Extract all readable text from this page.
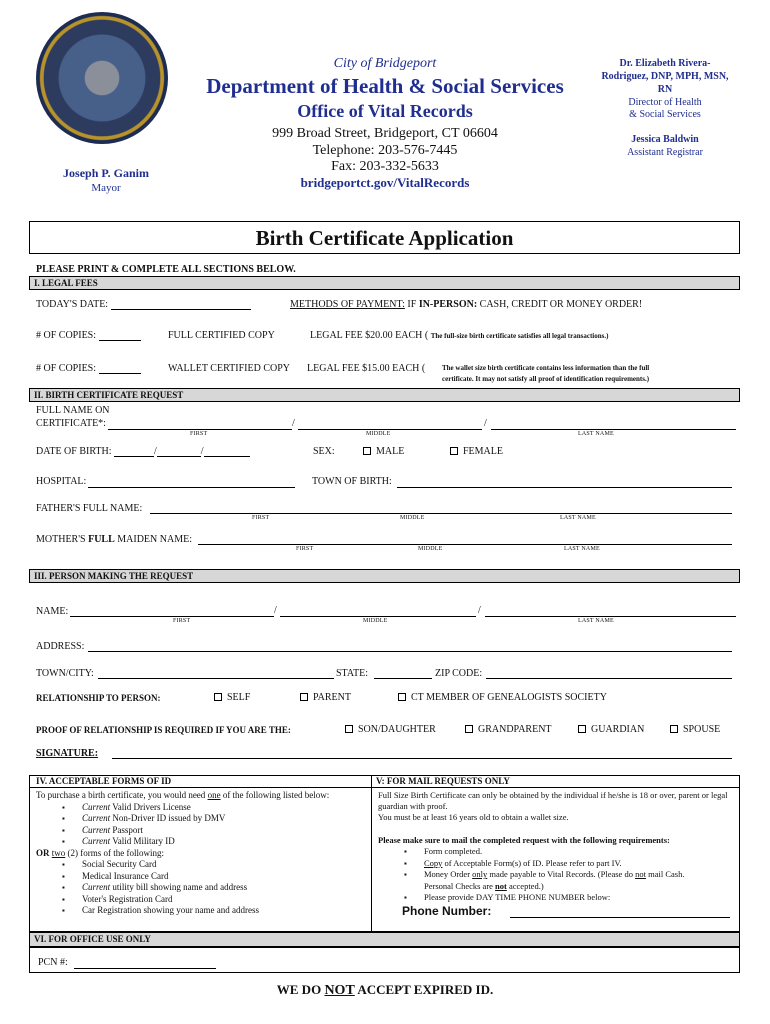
Joseph P. Ganim
Mayor
City of Bridgeport
Department of Health & Social Services
Office of Vital Records
999 Broad Street, Bridgeport, CT 06604
Telephone: 203-576-7445
Fax: 203-332-5633
bridgeportct.gov/VitalRecords
Dr. Elizabeth Rivera-
Rodriguez, DNP, MPH, MSN,
RN
Director of Health
& Social Services
Jessica Baldwin
Assistant Registrar
Birth Certificate Application
PLEASE PRINT & COMPLETE ALL SECTIONS BELOW.
I. LEGAL FEES
TODAY'S DATE:	METHODS OF PAYMENT: IF IN-PERSON: CASH, CREDIT OR MONEY ORDER!
# OF COPIES:	FULL CERTIFIED COPY	LEGAL FEE $20.00 EACH ( The full-size birth certificate satisfies all legal transactions.)
# OF COPIES:	WALLET CERTIFIED COPY LEGAL FEE $15.00 EACH ( The wallet size birth certificate contains less information than the full
certificate. It may not satisfy all proof of identification requirements.)
II. BIRTH CERTIFICATE REQUEST
FULL NAME ON
CERTIFICATE*:	/	/
FIRST	MIDDLE	LAST NAME
DATE OF BIRTH:	/	/	SEX:	MALE	FEMALE
HOSPITAL:	TOWN OF BIRTH:
FATHER'S FULL NAME:
FIRST	MIDDLE	LAST NAME
MOTHER'S FULL MAIDEN NAME:
FIRST	MIDDLE	LAST NAME
III. PERSON MAKING THE REQUEST
NAME:	/	/
FIRST	MIDDLE	LAST NAME
ADDRESS:
TOWN/CITY:	STATE:	ZIP CODE:
RELATIONSHIP TO PERSON:	SELF	PARENT	CT MEMBER OF GENEALOGISTS SOCIETY
PROOF OF RELATIONSHIP IS REQUIRED IF YOU ARE THE:	SON/DAUGHTER	GRANDPARENT	GUARDIAN	SPOUSE
SIGNATURE:
IV. ACCEPTABLE FORMS OF ID	V: FOR MAIL REQUESTS ONLY
To purchase a birth certificate, you would need one of the following listed below:
▪ Current Valid Drivers License
▪ Current Non-Driver ID issued by DMV
▪ Current Passport
▪ Current Valid Military ID
OR two (2) forms of the following:
▪ Social Security Card
▪ Medical Insurance Card
▪ Current utility bill showing name and address
▪ Voter's Registration Card
▪ Car Registration showing your name and address
Full Size Birth Certificate can only be obtained by the individual if he/she is 18 or over, parent or legal guardian with proof.
You must be at least 16 years old to obtain a wallet size.
Please make sure to mail the completed request with the following requirements:
▪ Form completed.
▪ Copy of Acceptable Form(s) of ID. Please refer to part IV.
▪ Money Order only made payable to Vital Records. (Please do not mail Cash.
Personal Checks are not accepted.)
▪ Please provide DAY TIME PHONE NUMBER below:
Phone Number:
VI. FOR OFFICE USE ONLY
PCN #:
WE DO NOT ACCEPT EXPIRED ID.
